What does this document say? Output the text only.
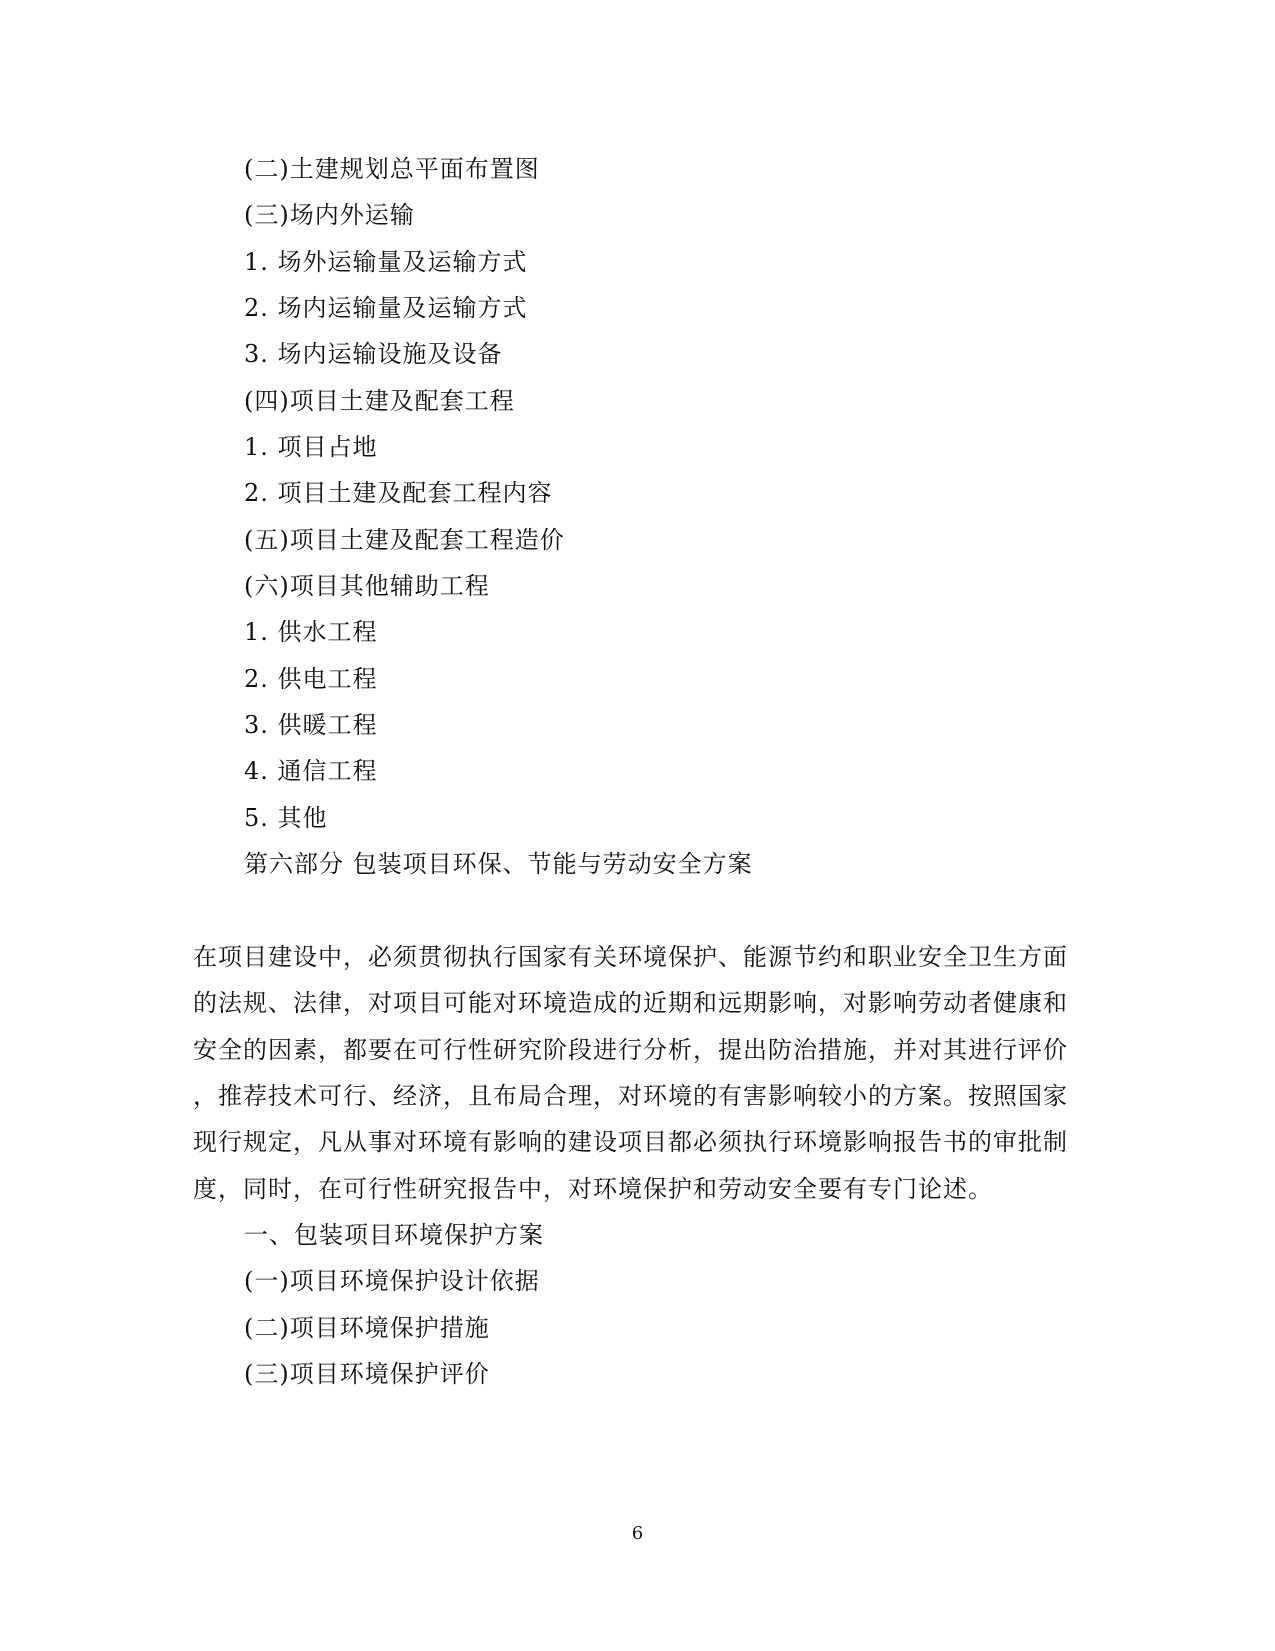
(二)土建规划总平面布置图
(三)场内外运输
1. 场外运输量及运输方式
2. 场内运输量及运输方式
3. 场内运输设施及设备
(四)项目土建及配套工程
1. 项目占地
2. 项目土建及配套工程内容
(五)项目土建及配套工程造价
(六)项目其他辅助工程
1. 供水工程
2. 供电工程
3. 供暖工程
4. 通信工程
5. 其他
第六部分 包装项目环保、节能与劳动安全方案
在项目建设中，必须贯彻执行国家有关环境保护、能源节约和职业安全卫生方面
的法规、法律，对项目可能对环境造成的近期和远期影响，对影响劳动者健康和
安全的因素，都要在可行性研究阶段进行分析，提出防治措施，并对其进行评价
，推荐技术可行、经济，且布局合理，对环境的有害影响较小的方案。按照国家
现行规定，凡从事对环境有影响的建设项目都必须执行环境影响报告书的审批制
度，同时，在可行性研究报告中，对环境保护和劳动安全要有专门论述。
一、包装项目环境保护方案
(一)项目环境保护设计依据
(二)项目环境保护措施
(三)项目环境保护评价
6
